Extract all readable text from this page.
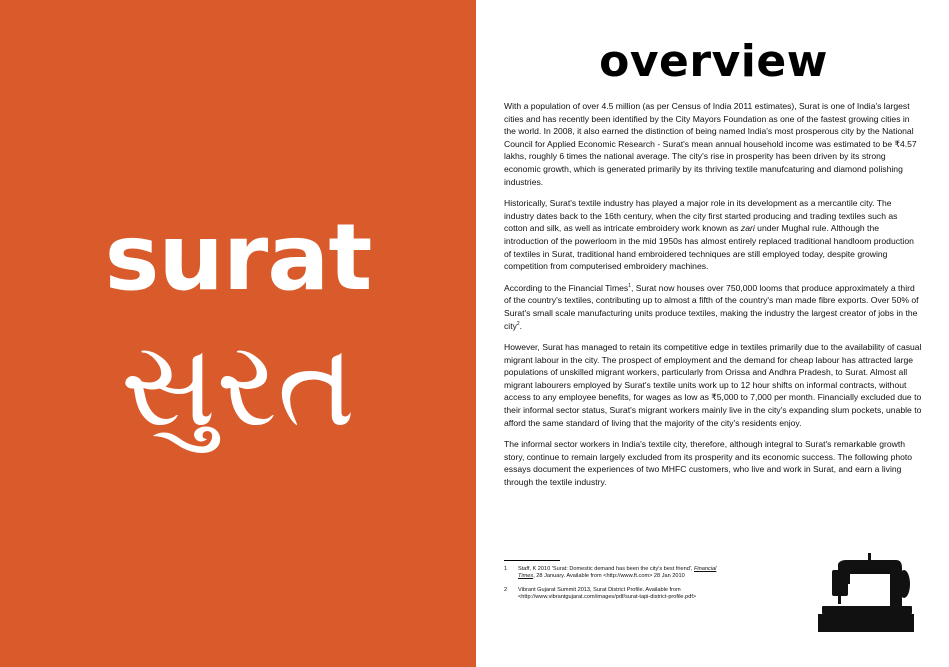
surat
સુરત
overview

With a population of over 4.5 million (as per Census of India 2011 estimates), Surat is one of India's largest cities and has recently been identified by the City Mayors Foundation as one of the fastest growing cities in the world. In 2008, it also earned the distinction of being named India's most prosperous city by the National Council for Applied Economic Research - Surat's mean annual household income was estimated to be ₹4.57 lakhs, roughly 6 times the national average. The city's rise in prosperity has been driven by its strong economic growth, which is generated primarily by its thriving textile manufcaturing and diamond polishing industries.

Historically, Surat's textile industry has played a major role in its development as a mercantile city. The industry dates back to the 16th century, when the city first started producing and trading textiles such as cotton and silk, as well as intricate embroidery work known as zari under Mughal rule. Although the introduction of the powerloom in the mid 1950s has almost entirely replaced traditional handloom production of textiles in Surat, traditional hand embroidered techniques are still employed today, despite growing competition from computerised embroidery machines.

According to the Financial Times$^1$, Surat now houses over 750,000 looms that produce approximately a third of the country's textiles, contributing up to almost a fifth of the country's man made fibre exports. Over 50% of Surat's small scale manufacturing units produce textiles, making the industry the largest creator of jobs in the city$^2$.

However, Surat has managed to retain its competitive edge in textiles primarily due to the availability of casual migrant labour in the city. The prospect of employment and the demand for cheap labour has attracted large populations of unskilled migrant workers, particularly from Orissa and Andhra Pradesh, to Surat. Almost all migrant labourers employed by Surat's textile units work up to 12 hour shifts on informal contracts, without access to any employee benefits, for wages as low as ₹5,000 to 7,000 per month. Financially excluded due to their informal sector status, Surat's migrant workers mainly live in the city's expanding slum pockets, unable to afford the same standard of living that the majority of the city's residents enjoy.

The informal sector workers in India's textile city, therefore, although integral to Surat's remarkable growth story, continue to remain largely excluded from its prosperity and its economic success. The following photo essays document the experiences of two MHFC customers, who live and work in Surat, and earn a living through the textile industry.

1	Staff, K 2010 'Surat: Domestic demand has been the city's best friend', Financial Times, 28 January. Available from <http://www.ft.com> 28 Jan 2010
2	Vibrant Gujarat Summit 2013, Surat District Profile. Available from <http://www.vibrantgujarat.com/images/pdf/surat-tapi-district-profile.pdf>
